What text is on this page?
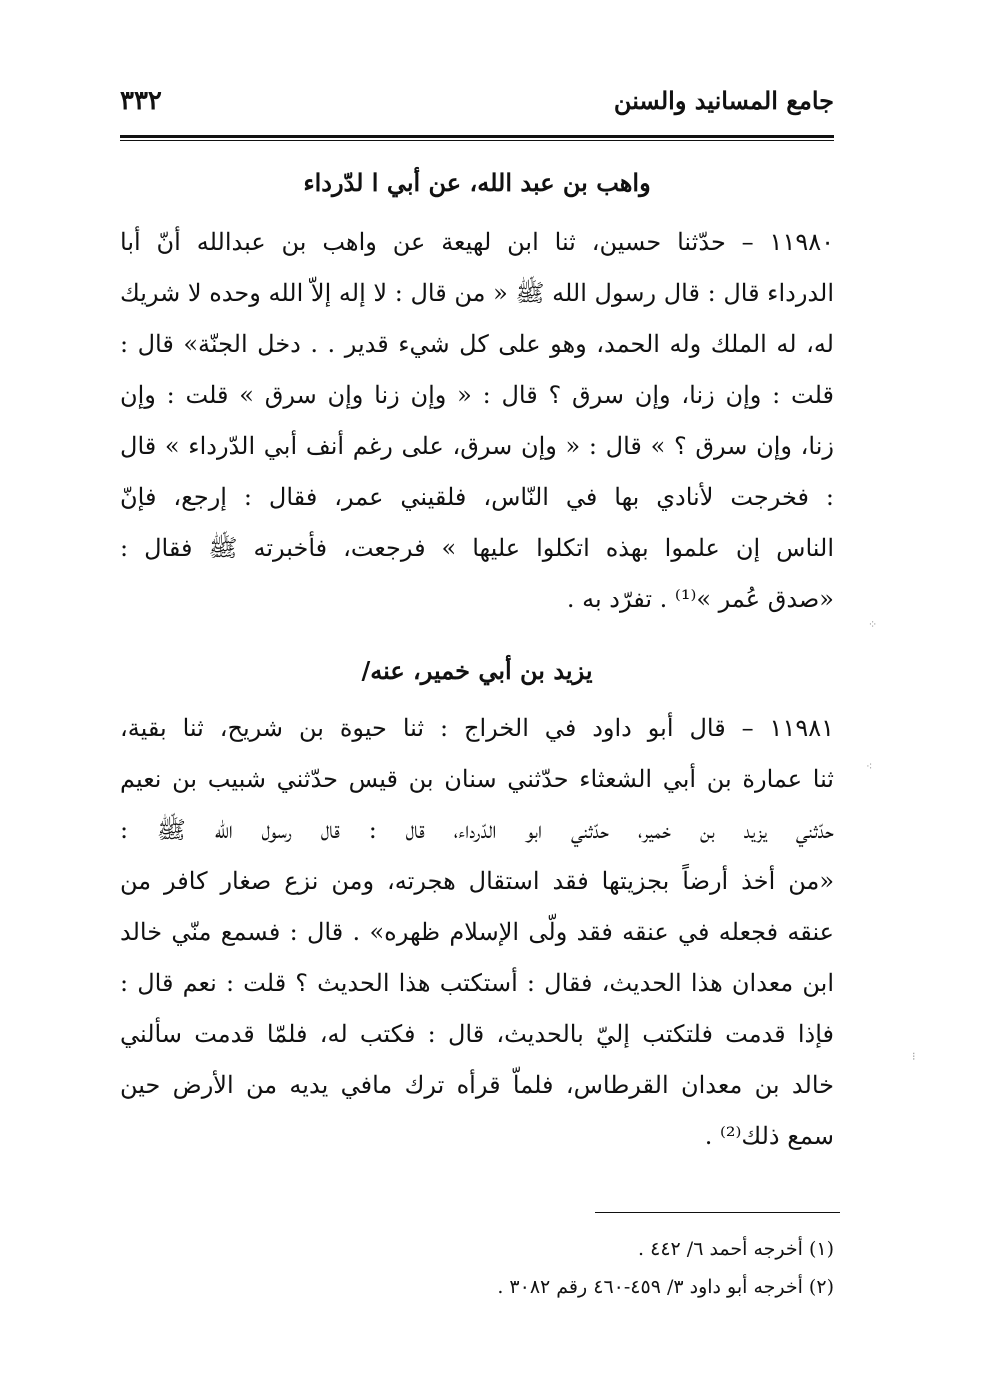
جامع المسانيد والسنن
٣٣٢
واهب بن عبد الله، عن أبي ا لدّرداء
١١٩٨٠ – حدّثنا حسين، ثنا ابن لهيعة عن واهب بن عبدالله أنّ أبا
الدرداء قال : قال رسول الله ﷺ « من قال : لا إله إلاّ الله وحده لا شريك
له، له الملك وله الحمد، وهو على كل شيء قدير . . دخل الجنّة» قال :
قلت : وإن زنا، وإن سرق ؟ قال : « وإن زنا وإن سرق » قلت : وإن
زنا، وإن سرق ؟ » قال : « وإن سرق، على رغم أنف أبي الدّرداء » قال
: فخرجت لأنادي بها في النّاس، فلقيني عمر، فقال : إرجع، فإنّ
الناس إن علموا بهذه اتكلوا عليها » فرجعت، فأخبرته ﷺ فقال :
«صدق عُمر »⁽¹⁾ . تفرّد به .
يزيد بن أبي خمير، عنه/
١١٩٨١ – قال أبو داود في الخراج : ثنا حيوة بن شريح، ثنا بقية،
ثنا عمارة بن أبي الشعثاء حدّثني سنان بن قيس حدّثني شبيب بن نعيم
حدّثني يزيد بن خمير، حدّثني ابو الدّرداء، قال : قال رسول الله ﷺ :
«من أخذ أرضاً بجزيتها فقد استقال هجرته، ومن نزع صغار كافر من
عنقه فجعله في عنقه فقد ولّى الإسلام ظهره» . قال : فسمع منّي خالد
ابن معدان هذا الحديث، فقال : أستكتب هذا الحديث ؟ قلت : نعم قال :
فإذا قدمت فلتكتب إليّ بالحديث، قال : فكتب له، فلمّا قدمت سألني
خالد بن معدان القرطاس، فلماّ قرأه ترك مافي يديه من الأرض حين
سمع ذلك⁽²⁾ .
(١) أخرجه أحمد ٦/ ٤٤٢ .
(٢) أخرجه أبو داود ٣/ ٤٥٩-٤٦٠ رقم ٣٠٨٢ .
⁘
⁖
⁝
